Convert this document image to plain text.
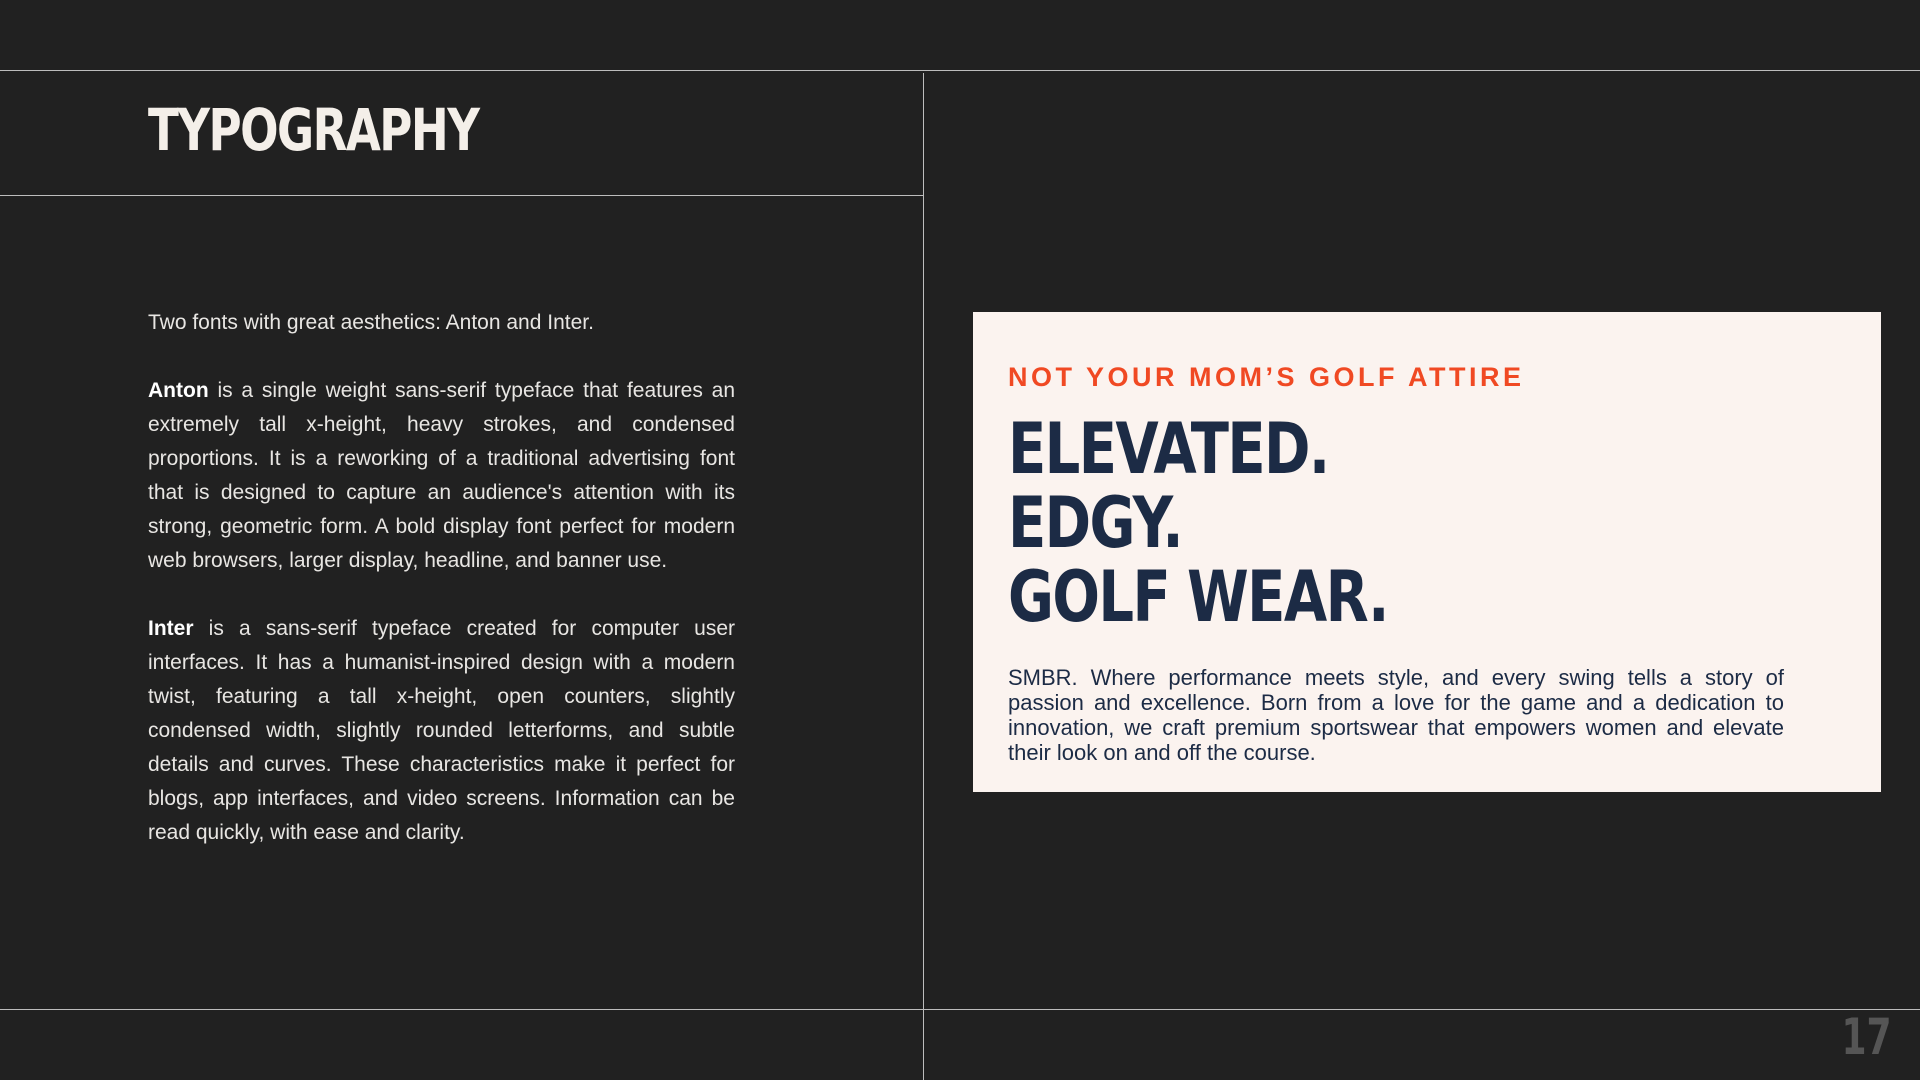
TYPOGRAPHY

Two fonts with great aesthetics: Anton and Inter.

Anton is a single weight sans-serif typeface that features an extremely tall x-height, heavy strokes, and condensed proportions. It is a reworking of a traditional advertising font that is designed to capture an audience's attention with its strong, geometric form. A bold display font perfect for modern web browsers, larger display, headline, and banner use.

Inter is a sans-serif typeface created for computer user interfaces. It has a humanist-inspired design with a modern twist, featuring a tall x-height, open counters, slightly condensed width, slightly rounded letterforms, and subtle details and curves. These characteristics make it perfect for blogs, app interfaces, and video screens. Information can be read quickly, with ease and clarity.

NOT YOUR MOM’S GOLF ATTIRE

ELEVATED.
EDGY.
GOLF WEAR.

SMBR. Where performance meets style, and every swing tells a story of passion and excellence. Born from a love for the game and a dedication to innovation, we craft premium sportswear that empowers women and elevate their look on and off the course.

17
